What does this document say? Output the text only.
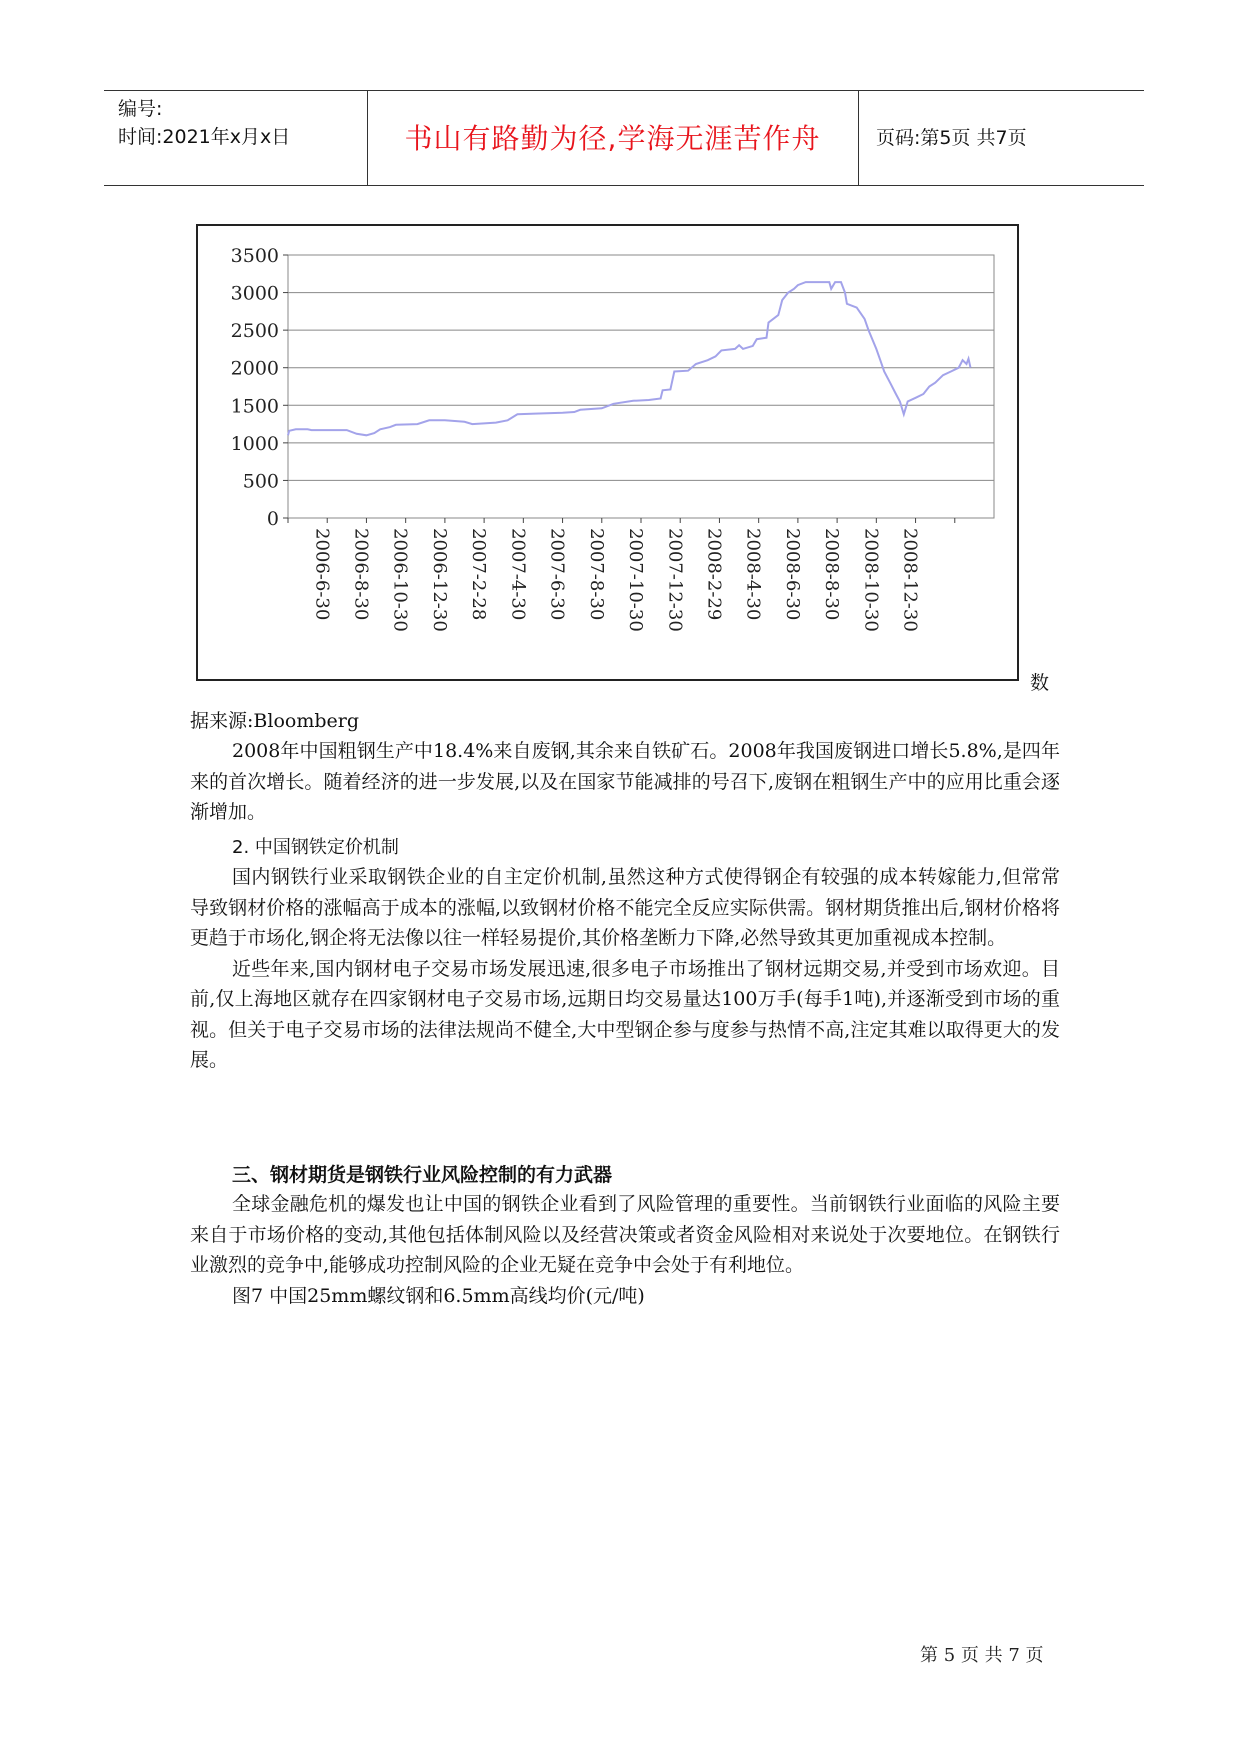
编号:
时间:2021年x月x日	书山有路勤为径,学海无涯苦作舟	页码:第5页 共7页
3500
3000
2500
2000
1500
1000
500
0
2006-6-30 2006-8-30 2006-10-30 2006-12-30 2007-2-28 2007-4-30 2007-6-30 2007-8-30 2007-10-30 2007-12-30 2008-2-29 2008-4-30 2008-6-30 2008-8-30 2008-10-30 2008-12-30
数
据来源:Bloomberg

2008年中国粗钢生产中18.4%来自废钢,其余来自铁矿石。2008年我国废钢进口增长5.8%,是四年来的首次增长。随着经济的进一步发展,以及在国家节能减排的号召下,废钢在粗钢生产中的应用比重会逐渐增加。

2. 中国钢铁定价机制

国内钢铁行业采取钢铁企业的自主定价机制,虽然这种方式使得钢企有较强的成本转嫁能力,但常常导致钢材价格的涨幅高于成本的涨幅,以致钢材价格不能完全反应实际供需。钢材期货推出后,钢材价格将更趋于市场化,钢企将无法像以往一样轻易提价,其价格垄断力下降,必然导致其更加重视成本控制。

近些年来,国内钢材电子交易市场发展迅速,很多电子市场推出了钢材远期交易,并受到市场欢迎。目前,仅上海地区就存在四家钢材电子交易市场,远期日均交易量达100万手(每手1吨),并逐渐受到市场的重视。但关于电子交易市场的法律法规尚不健全,大中型钢企参与度参与热情不高,注定其难以取得更大的发展。

三、钢材期货是钢铁行业风险控制的有力武器

全球金融危机的爆发也让中国的钢铁企业看到了风险管理的重要性。当前钢铁行业面临的风险主要来自于市场价格的变动,其他包括体制风险以及经营决策或者资金风险相对来说处于次要地位。在钢铁行业激烈的竞争中,能够成功控制风险的企业无疑在竞争中会处于有利地位。

图7 中国25mm螺纹钢和6.5mm高线均价(元/吨)

第 5 页 共 7 页
